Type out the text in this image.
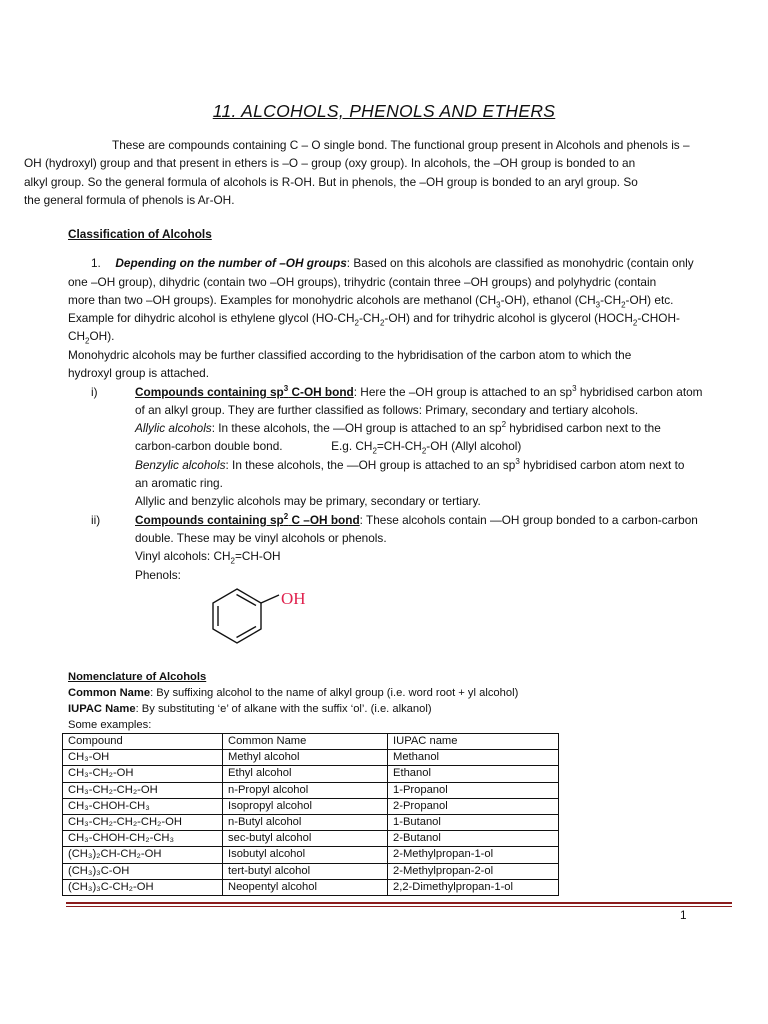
11. ALCOHOLS, PHENOLS AND ETHERS
These are compounds containing C – O single bond. The functional group present in Alcohols and phenols is –
OH (hydroxyl) group and that present in ethers is –O – group (oxy group). In alcohols, the –OH group is bonded to an
alkyl group. So the general formula of alcohols is R-OH. But in phenols, the –OH group is bonded to an aryl group. So
the general formula of phenols is Ar-OH.
Classification of Alcohols
1. Depending on the number of –OH groups: Based on this alcohols are classified as monohydric (contain only
one –OH group), dihydric (contain two –OH groups), trihydric (contain three –OH groups) and polyhydric (contain
more than two –OH groups). Examples for monohydric alcohols are methanol $(CH_3-OH)$, ethanol $(CH_3-CH_2-OH)$ etc.
Example for dihydric alcohol is ethylene glycol $(HO-CH_2-CH_2-OH)$ and for trihydric alcohol is glycerol ($HOCH_2-CHOH-$
$CH_2OH$).
Monohydric alcohols may be further classified according to the hybridisation of the carbon atom to which the
hydroxyl group is attached.
i)	Compounds containing $sp^3$ C-OH bond: Here the –OH group is attached to an $sp^3$ hybridised carbon atom
of an alkyl group. They are further classified as follows: Primary, secondary and tertiary alcohols.
Allylic alcohols: In these alcohols, the —OH group is attached to an $sp^2$ hybridised carbon next to the
carbon-carbon double bond.	E.g. $CH_2=CH-CH_2-OH$ (Allyl alcohol)
Benzylic alcohols: In these alcohols, the —OH group is attached to an $sp^3$ hybridised carbon atom next to
an aromatic ring.
Allylic and benzylic alcohols may be primary, secondary or tertiary.
ii)	Compounds containing $sp^2$ C –OH bond: These alcohols contain —OH group bonded to a carbon-carbon
double. These may be vinyl alcohols or phenols.
Vinyl alcohols: $CH_2=CH-OH$
Phenols:
OH
Nomenclature of Alcohols
Common Name: By suffixing alcohol to the name of alkyl group (i.e. word root + yl alcohol)
IUPAC Name: By substituting ‘e’ of alkane with the suffix ‘ol’. (i.e. alkanol)
Some examples:
Compound	Common Name	IUPAC name
CH₃-OH	Methyl alcohol	Methanol
CH₃-CH₂-OH	Ethyl alcohol	Ethanol
CH₃-CH₂-CH₂-OH	n-Propyl alcohol	1-Propanol
CH₃-CHOH-CH₃	Isopropyl alcohol	2-Propanol
CH₃-CH₂-CH₂-CH₂-OH	n-Butyl alcohol	1-Butanol
CH₃-CHOH-CH₂-CH₃	sec-butyl alcohol	2-Butanol
(CH₃)₂CH-CH₂-OH	Isobutyl alcohol	2-Methylpropan-1-ol
(CH₃)₃C-OH	tert-butyl alcohol	2-Methylpropan-2-ol
(CH₃)₃C-CH₂-OH	Neopentyl alcohol	2,2-Dimethylpropan-1-ol
1
